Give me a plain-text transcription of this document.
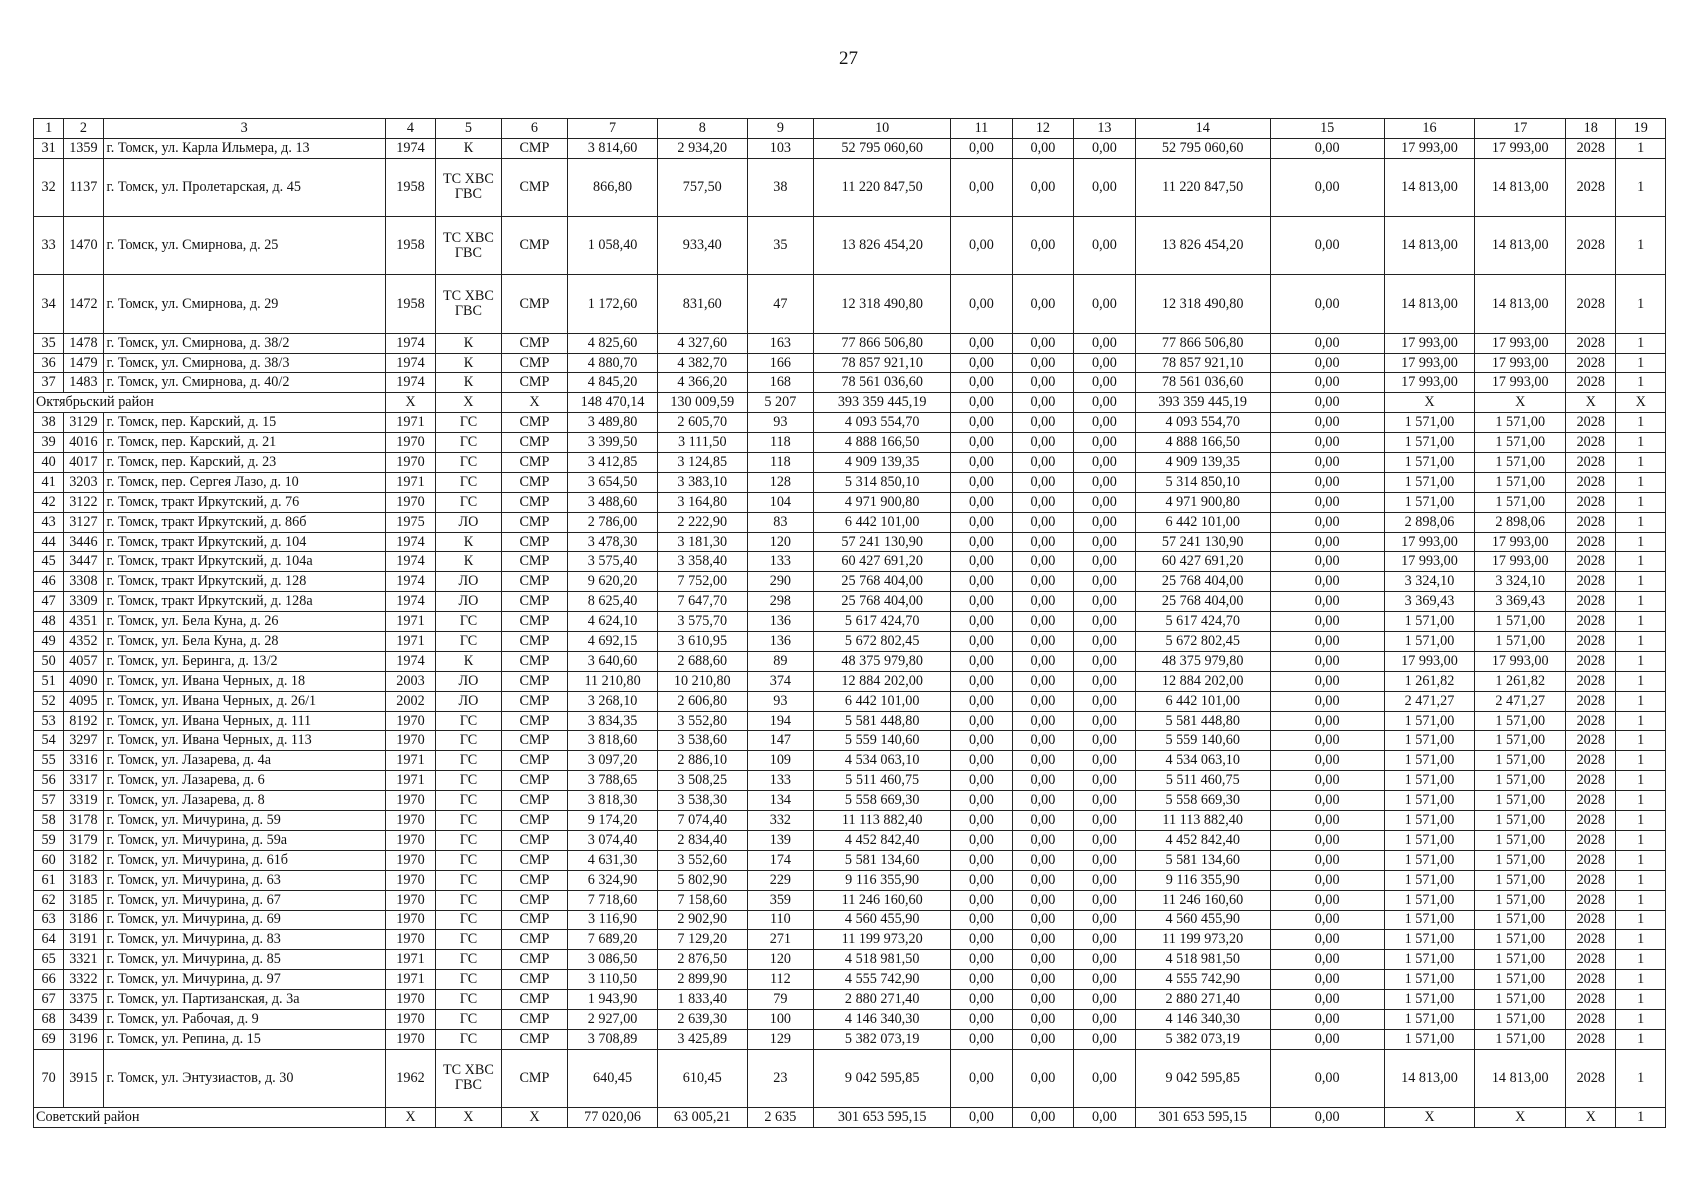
27
1	2	3	4	5	6	7	8	9	10	11	12	13	14	15	16	17	18	19
31	1359	г. Томск, ул. Карла Ильмера, д. 13	1974	К	СМР	3 814,60	2 934,20	103	52 795 060,60	0,00	0,00	0,00	52 795 060,60	0,00	17 993,00	17 993,00	2028	1
32	1137	г. Томск, ул. Пролетарская, д. 45	1958	ТС ХВС ГВС	СМР	866,80	757,50	38	11 220 847,50	0,00	0,00	0,00	11 220 847,50	0,00	14 813,00	14 813,00	2028	1
33	1470	г. Томск, ул. Смирнова, д. 25	1958	ТС ХВС ГВС	СМР	1 058,40	933,40	35	13 826 454,20	0,00	0,00	0,00	13 826 454,20	0,00	14 813,00	14 813,00	2028	1
34	1472	г. Томск, ул. Смирнова, д. 29	1958	ТС ХВС ГВС	СМР	1 172,60	831,60	47	12 318 490,80	0,00	0,00	0,00	12 318 490,80	0,00	14 813,00	14 813,00	2028	1
35	1478	г. Томск, ул. Смирнова, д. 38/2	1974	К	СМР	4 825,60	4 327,60	163	77 866 506,80	0,00	0,00	0,00	77 866 506,80	0,00	17 993,00	17 993,00	2028	1
36	1479	г. Томск, ул. Смирнова, д. 38/3	1974	К	СМР	4 880,70	4 382,70	166	78 857 921,10	0,00	0,00	0,00	78 857 921,10	0,00	17 993,00	17 993,00	2028	1
37	1483	г. Томск, ул. Смирнова, д. 40/2	1974	К	СМР	4 845,20	4 366,20	168	78 561 036,60	0,00	0,00	0,00	78 561 036,60	0,00	17 993,00	17 993,00	2028	1
Октябрьский район			X	X	X	148 470,14	130 009,59	5 207	393 359 445,19	0,00	0,00	0,00	393 359 445,19	0,00	X	X	X	X
38	3129	г. Томск, пер. Карский, д. 15	1971	ГС	СМР	3 489,80	2 605,70	93	4 093 554,70	0,00	0,00	0,00	4 093 554,70	0,00	1 571,00	1 571,00	2028	1
39	4016	г. Томск, пер. Карский, д. 21	1970	ГС	СМР	3 399,50	3 111,50	118	4 888 166,50	0,00	0,00	0,00	4 888 166,50	0,00	1 571,00	1 571,00	2028	1
40	4017	г. Томск, пер. Карский, д. 23	1970	ГС	СМР	3 412,85	3 124,85	118	4 909 139,35	0,00	0,00	0,00	4 909 139,35	0,00	1 571,00	1 571,00	2028	1
41	3203	г. Томск, пер. Сергея Лазо, д. 10	1971	ГС	СМР	3 654,50	3 383,10	128	5 314 850,10	0,00	0,00	0,00	5 314 850,10	0,00	1 571,00	1 571,00	2028	1
42	3122	г. Томск, тракт Иркутский, д. 76	1970	ГС	СМР	3 488,60	3 164,80	104	4 971 900,80	0,00	0,00	0,00	4 971 900,80	0,00	1 571,00	1 571,00	2028	1
43	3127	г. Томск, тракт Иркутский, д. 86б	1975	ЛО	СМР	2 786,00	2 222,90	83	6 442 101,00	0,00	0,00	0,00	6 442 101,00	0,00	2 898,06	2 898,06	2028	1
44	3446	г. Томск, тракт Иркутский, д. 104	1974	К	СМР	3 478,30	3 181,30	120	57 241 130,90	0,00	0,00	0,00	57 241 130,90	0,00	17 993,00	17 993,00	2028	1
45	3447	г. Томск, тракт Иркутский, д. 104а	1974	К	СМР	3 575,40	3 358,40	133	60 427 691,20	0,00	0,00	0,00	60 427 691,20	0,00	17 993,00	17 993,00	2028	1
46	3308	г. Томск, тракт Иркутский, д. 128	1974	ЛО	СМР	9 620,20	7 752,00	290	25 768 404,00	0,00	0,00	0,00	25 768 404,00	0,00	3 324,10	3 324,10	2028	1
47	3309	г. Томск, тракт Иркутский, д. 128а	1974	ЛО	СМР	8 625,40	7 647,70	298	25 768 404,00	0,00	0,00	0,00	25 768 404,00	0,00	3 369,43	3 369,43	2028	1
48	4351	г. Томск, ул. Бела Куна, д. 26	1971	ГС	СМР	4 624,10	3 575,70	136	5 617 424,70	0,00	0,00	0,00	5 617 424,70	0,00	1 571,00	1 571,00	2028	1
49	4352	г. Томск, ул. Бела Куна, д. 28	1971	ГС	СМР	4 692,15	3 610,95	136	5 672 802,45	0,00	0,00	0,00	5 672 802,45	0,00	1 571,00	1 571,00	2028	1
50	4057	г. Томск, ул. Беринга, д. 13/2	1974	К	СМР	3 640,60	2 688,60	89	48 375 979,80	0,00	0,00	0,00	48 375 979,80	0,00	17 993,00	17 993,00	2028	1
51	4090	г. Томск, ул. Ивана Черных, д. 18	2003	ЛО	СМР	11 210,80	10 210,80	374	12 884 202,00	0,00	0,00	0,00	12 884 202,00	0,00	1 261,82	1 261,82	2028	1
52	4095	г. Томск, ул. Ивана Черных, д. 26/1	2002	ЛО	СМР	3 268,10	2 606,80	93	6 442 101,00	0,00	0,00	0,00	6 442 101,00	0,00	2 471,27	2 471,27	2028	1
53	8192	г. Томск, ул. Ивана Черных, д. 111	1970	ГС	СМР	3 834,35	3 552,80	194	5 581 448,80	0,00	0,00	0,00	5 581 448,80	0,00	1 571,00	1 571,00	2028	1
54	3297	г. Томск, ул. Ивана Черных, д. 113	1970	ГС	СМР	3 818,60	3 538,60	147	5 559 140,60	0,00	0,00	0,00	5 559 140,60	0,00	1 571,00	1 571,00	2028	1
55	3316	г. Томск, ул. Лазарева, д. 4а	1971	ГС	СМР	3 097,20	2 886,10	109	4 534 063,10	0,00	0,00	0,00	4 534 063,10	0,00	1 571,00	1 571,00	2028	1
56	3317	г. Томск, ул. Лазарева, д. 6	1971	ГС	СМР	3 788,65	3 508,25	133	5 511 460,75	0,00	0,00	0,00	5 511 460,75	0,00	1 571,00	1 571,00	2028	1
57	3319	г. Томск, ул. Лазарева, д. 8	1970	ГС	СМР	3 818,30	3 538,30	134	5 558 669,30	0,00	0,00	0,00	5 558 669,30	0,00	1 571,00	1 571,00	2028	1
58	3178	г. Томск, ул. Мичурина, д. 59	1970	ГС	СМР	9 174,20	7 074,40	332	11 113 882,40	0,00	0,00	0,00	11 113 882,40	0,00	1 571,00	1 571,00	2028	1
59	3179	г. Томск, ул. Мичурина, д. 59а	1970	ГС	СМР	3 074,40	2 834,40	139	4 452 842,40	0,00	0,00	0,00	4 452 842,40	0,00	1 571,00	1 571,00	2028	1
60	3182	г. Томск, ул. Мичурина, д. 61б	1970	ГС	СМР	4 631,30	3 552,60	174	5 581 134,60	0,00	0,00	0,00	5 581 134,60	0,00	1 571,00	1 571,00	2028	1
61	3183	г. Томск, ул. Мичурина, д. 63	1970	ГС	СМР	6 324,90	5 802,90	229	9 116 355,90	0,00	0,00	0,00	9 116 355,90	0,00	1 571,00	1 571,00	2028	1
62	3185	г. Томск, ул. Мичурина, д. 67	1970	ГС	СМР	7 718,60	7 158,60	359	11 246 160,60	0,00	0,00	0,00	11 246 160,60	0,00	1 571,00	1 571,00	2028	1
63	3186	г. Томск, ул. Мичурина, д. 69	1970	ГС	СМР	3 116,90	2 902,90	110	4 560 455,90	0,00	0,00	0,00	4 560 455,90	0,00	1 571,00	1 571,00	2028	1
64	3191	г. Томск, ул. Мичурина, д. 83	1970	ГС	СМР	7 689,20	7 129,20	271	11 199 973,20	0,00	0,00	0,00	11 199 973,20	0,00	1 571,00	1 571,00	2028	1
65	3321	г. Томск, ул. Мичурина, д. 85	1971	ГС	СМР	3 086,50	2 876,50	120	4 518 981,50	0,00	0,00	0,00	4 518 981,50	0,00	1 571,00	1 571,00	2028	1
66	3322	г. Томск, ул. Мичурина, д. 97	1971	ГС	СМР	3 110,50	2 899,90	112	4 555 742,90	0,00	0,00	0,00	4 555 742,90	0,00	1 571,00	1 571,00	2028	1
67	3375	г. Томск, ул. Партизанская, д. 3а	1970	ГС	СМР	1 943,90	1 833,40	79	2 880 271,40	0,00	0,00	0,00	2 880 271,40	0,00	1 571,00	1 571,00	2028	1
68	3439	г. Томск, ул. Рабочая, д. 9	1970	ГС	СМР	2 927,00	2 639,30	100	4 146 340,30	0,00	0,00	0,00	4 146 340,30	0,00	1 571,00	1 571,00	2028	1
69	3196	г. Томск, ул. Репина, д. 15	1970	ГС	СМР	3 708,89	3 425,89	129	5 382 073,19	0,00	0,00	0,00	5 382 073,19	0,00	1 571,00	1 571,00	2028	1
70	3915	г. Томск, ул. Энтузиастов, д. 30	1962	ТС ХВС ГВС	СМР	640,45	610,45	23	9 042 595,85	0,00	0,00	0,00	9 042 595,85	0,00	14 813,00	14 813,00	2028	1
Советский район			X	X	X	77 020,06	63 005,21	2 635	301 653 595,15	0,00	0,00	0,00	301 653 595,15	0,00	X	X	X	1
